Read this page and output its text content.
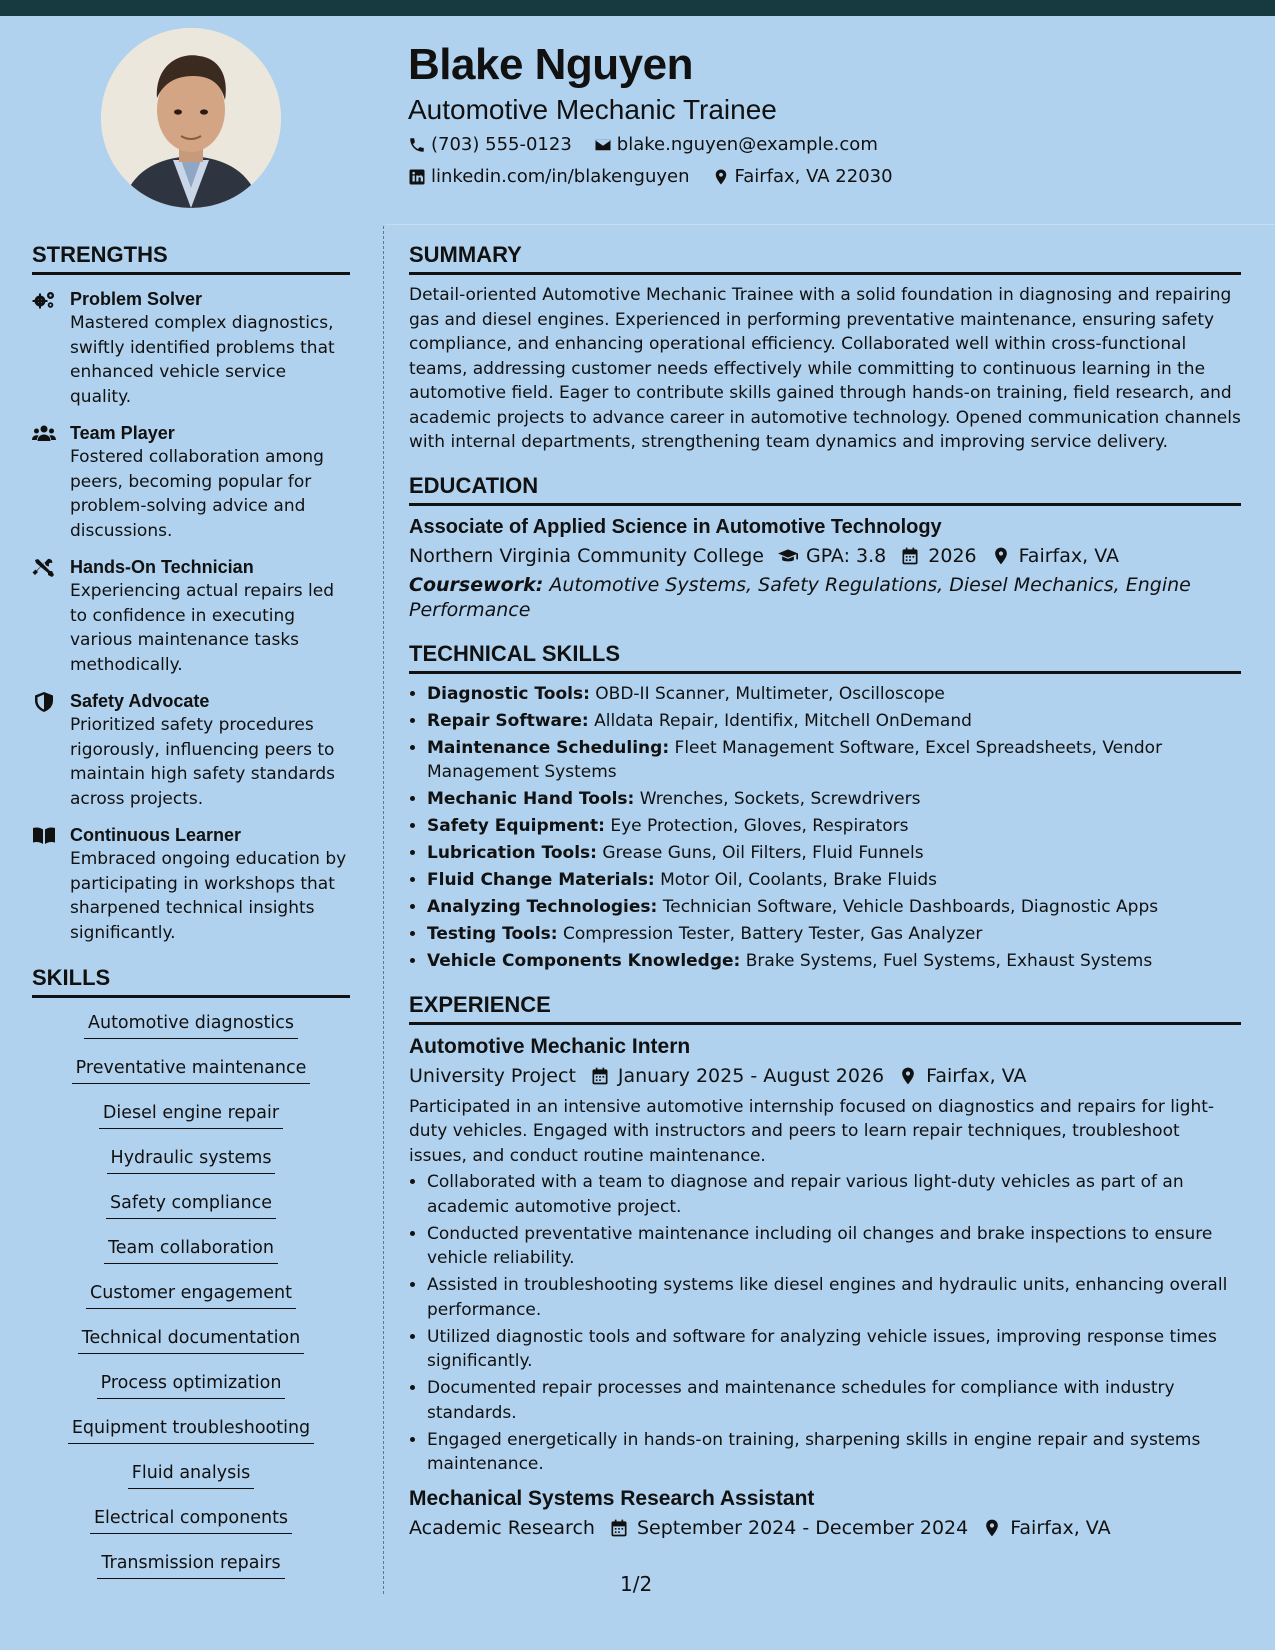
Blake Nguyen
Automotive Mechanic Trainee
(703) 555-0123	blake.nguyen@example.com
linkedin.com/in/blakenguyen	Fairfax, VA 22030
STRENGTHS
Problem Solver
Mastered complex diagnostics, swiftly identified problems that enhanced vehicle service quality.
Team Player
Fostered collaboration among peers, becoming popular for problem-solving advice and discussions.
Hands-On Technician
Experiencing actual repairs led to confidence in executing various maintenance tasks methodically.
Safety Advocate
Prioritized safety procedures rigorously, influencing peers to maintain high safety standards across projects.
Continuous Learner
Embraced ongoing education by participating in workshops that sharpened technical insights significantly.
SKILLS
Automotive diagnostics
Preventative maintenance
Diesel engine repair
Hydraulic systems
Safety compliance
Team collaboration
Customer engagement
Technical documentation
Process optimization
Equipment troubleshooting
Fluid analysis
Electrical components
Transmission repairs
SUMMARY

Detail-oriented Automotive Mechanic Trainee with a solid foundation in diagnosing and repairing gas and diesel engines. Experienced in performing preventative maintenance, ensuring safety compliance, and enhancing operational efficiency. Collaborated well within cross-functional teams, addressing customer needs effectively while committing to continuous learning in the automotive field. Eager to contribute skills gained through hands-on training, field research, and academic projects to advance career in automotive technology. Opened communication channels with internal departments, strengthening team dynamics and improving service delivery.

EDUCATION
Associate of Applied Science in Automotive Technology
Northern Virginia Community College GPA: 3.8 2026 Fairfax, VA
Coursework: Automotive Systems, Safety Regulations, Diesel Mechanics, Engine Performance
TECHNICAL SKILLS
• Diagnostic Tools: OBD-II Scanner, Multimeter, Oscilloscope
• Repair Software: Alldata Repair, Identifix, Mitchell OnDemand
• Maintenance Scheduling: Fleet Management Software, Excel Spreadsheets, Vendor Management Systems
• Mechanic Hand Tools: Wrenches, Sockets, Screwdrivers
• Safety Equipment: Eye Protection, Gloves, Respirators
• Lubrication Tools: Grease Guns, Oil Filters, Fluid Funnels
• Fluid Change Materials: Motor Oil, Coolants, Brake Fluids
• Analyzing Technologies: Technician Software, Vehicle Dashboards, Diagnostic Apps
• Testing Tools: Compression Tester, Battery Tester, Gas Analyzer
• Vehicle Components Knowledge: Brake Systems, Fuel Systems, Exhaust Systems
EXPERIENCE
Automotive Mechanic Intern
University Project January 2025 - August 2026 Fairfax, VA

Participated in an intensive automotive internship focused on diagnostics and repairs for light-duty vehicles. Engaged with instructors and peers to learn repair techniques, troubleshoot issues, and conduct routine maintenance.

• Collaborated with a team to diagnose and repair various light-duty vehicles as part of an academic automotive project.
• Conducted preventative maintenance including oil changes and brake inspections to ensure vehicle reliability.
• Assisted in troubleshooting systems like diesel engines and hydraulic units, enhancing overall performance.
• Utilized diagnostic tools and software for analyzing vehicle issues, improving response times significantly.
• Documented repair processes and maintenance schedules for compliance with industry standards.
• Engaged energetically in hands-on training, sharpening skills in engine repair and systems maintenance.
Mechanical Systems Research Assistant
Academic Research September 2024 - December 2024 Fairfax, VA
1/2
